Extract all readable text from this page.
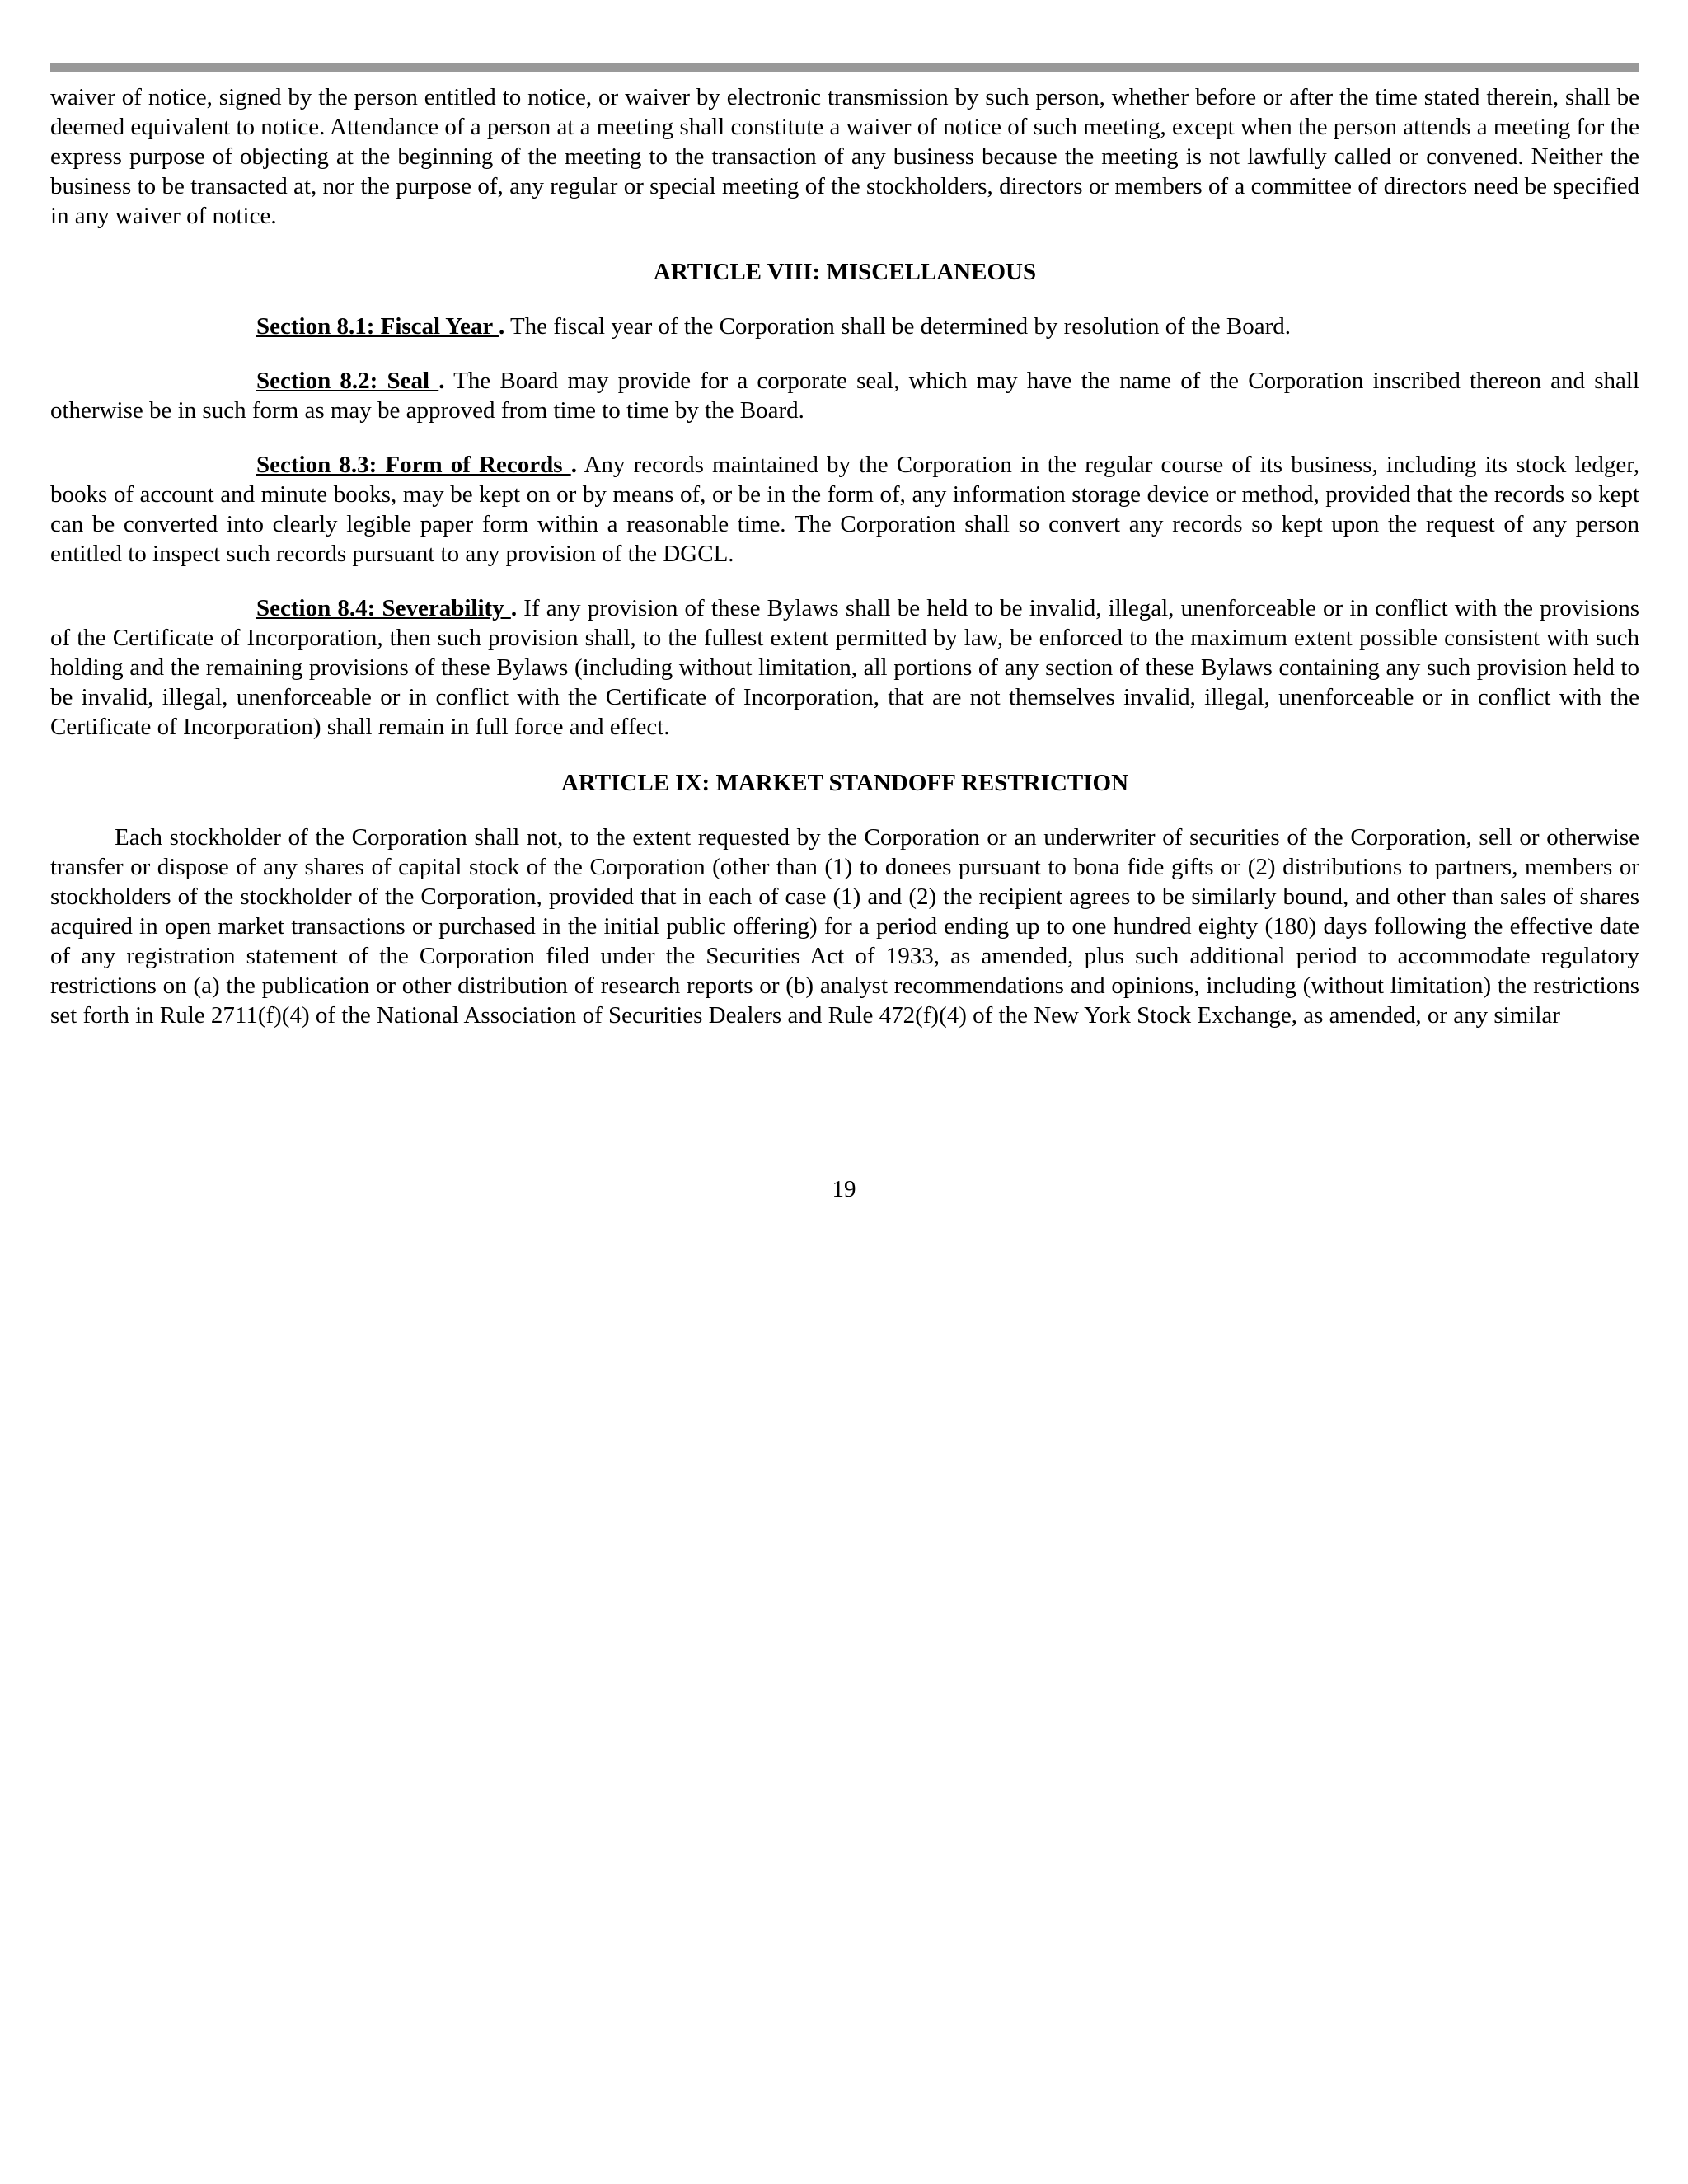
waiver of notice, signed by the person entitled to notice, or waiver by electronic transmission by such person, whether before or after the time stated therein, shall be deemed equivalent to notice. Attendance of a person at a meeting shall constitute a waiver of notice of such meeting, except when the person attends a meeting for the express purpose of objecting at the beginning of the meeting to the transaction of any business because the meeting is not lawfully called or convened. Neither the business to be transacted at, nor the purpose of, any regular or special meeting of the stockholders, directors or members of a committee of directors need be specified in any waiver of notice.

ARTICLE VIII: MISCELLANEOUS

Section 8.1: Fiscal Year . The fiscal year of the Corporation shall be determined by resolution of the Board.

Section 8.2: Seal . The Board may provide for a corporate seal, which may have the name of the Corporation inscribed thereon and shall otherwise be in such form as may be approved from time to time by the Board.

Section 8.3: Form of Records . Any records maintained by the Corporation in the regular course of its business, including its stock ledger, books of account and minute books, may be kept on or by means of, or be in the form of, any information storage device or method, provided that the records so kept can be converted into clearly legible paper form within a reasonable time. The Corporation shall so convert any records so kept upon the request of any person entitled to inspect such records pursuant to any provision of the DGCL.

Section 8.4: Severability . If any provision of these Bylaws shall be held to be invalid, illegal, unenforceable or in conflict with the provisions of the Certificate of Incorporation, then such provision shall, to the fullest extent permitted by law, be enforced to the maximum extent possible consistent with such holding and the remaining provisions of these Bylaws (including without limitation, all portions of any section of these Bylaws containing any such provision held to be invalid, illegal, unenforceable or in conflict with the Certificate of Incorporation, that are not themselves invalid, illegal, unenforceable or in conflict with the Certificate of Incorporation) shall remain in full force and effect.

ARTICLE IX: MARKET STANDOFF RESTRICTION

Each stockholder of the Corporation shall not, to the extent requested by the Corporation or an underwriter of securities of the Corporation, sell or otherwise transfer or dispose of any shares of capital stock of the Corporation (other than (1) to donees pursuant to bona fide gifts or (2) distributions to partners, members or stockholders of the stockholder of the Corporation, provided that in each of case (1) and (2) the recipient agrees to be similarly bound, and other than sales of shares acquired in open market transactions or purchased in the initial public offering) for a period ending up to one hundred eighty (180) days following the effective date of any registration statement of the Corporation filed under the Securities Act of 1933, as amended, plus such additional period to accommodate regulatory restrictions on (a) the publication or other distribution of research reports or (b) analyst recommendations and opinions, including (without limitation) the restrictions set forth in Rule 2711(f)(4) of the National Association of Securities Dealers and Rule 472(f)(4) of the New York Stock Exchange, as amended, or any similar

19
